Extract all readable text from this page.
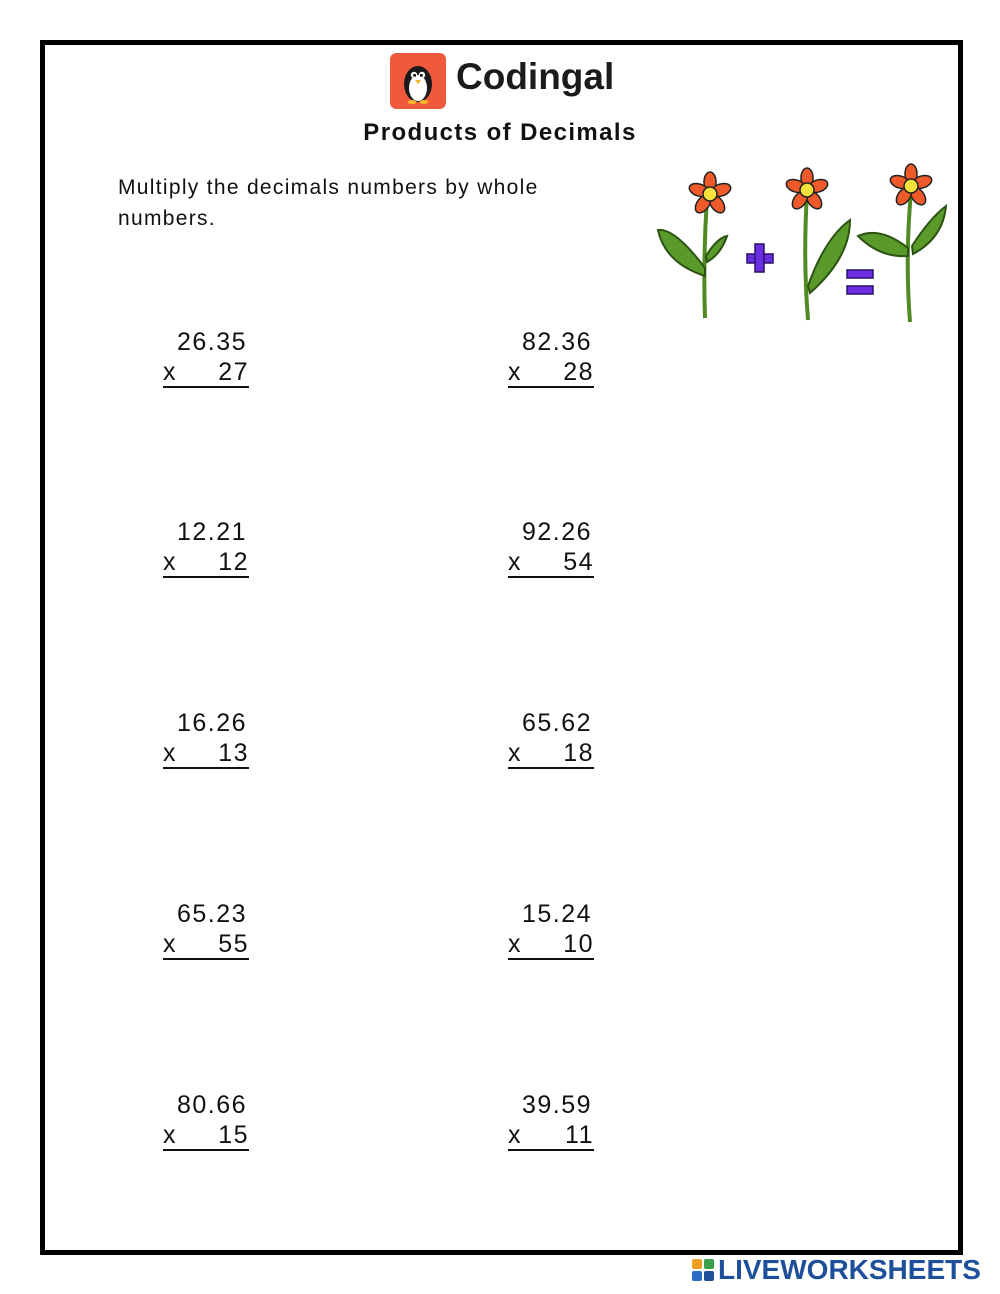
Codingal
Products of Decimals
Multiply the decimals numbers by whole numbers.
26.35
x 27
82.36
x 28
12.21
x 12
92.26
x 54
16.26
x 13
65.62
x 18
65.23
x 55
15.24
x 10
80.66
x 15
39.59
x 11
LIVEWORKSHEETS
